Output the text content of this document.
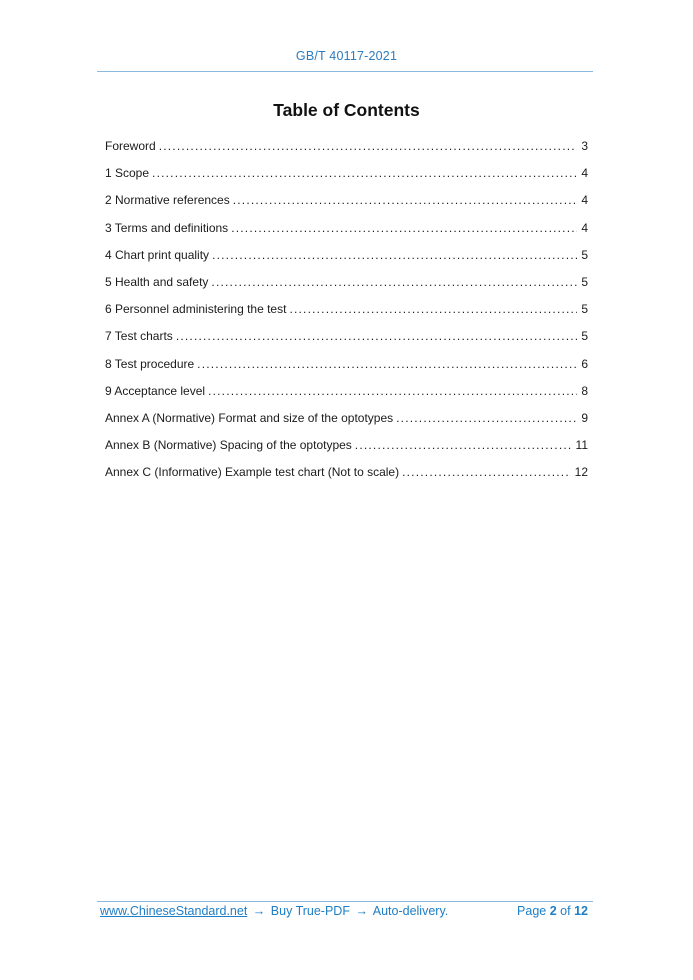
GB/T 40117-2021
Table of Contents
Foreword .....	3
1 Scope .....	4
2 Normative references .....	4
3 Terms and definitions .....	4
4 Chart print quality .....	5
5 Health and safety .....	5
6 Personnel administering the test .....	5
7 Test charts .....	5
8 Test procedure .....	6
9 Acceptance level .....	8
Annex A (Normative) Format and size of the optotypes .....	9
Annex B (Normative) Spacing of the optotypes .....	11
Annex C (Informative) Example test chart (Not to scale) .....	12
www.ChineseStandard.net → Buy True-PDF → Auto-delivery.	Page 2 of 12
